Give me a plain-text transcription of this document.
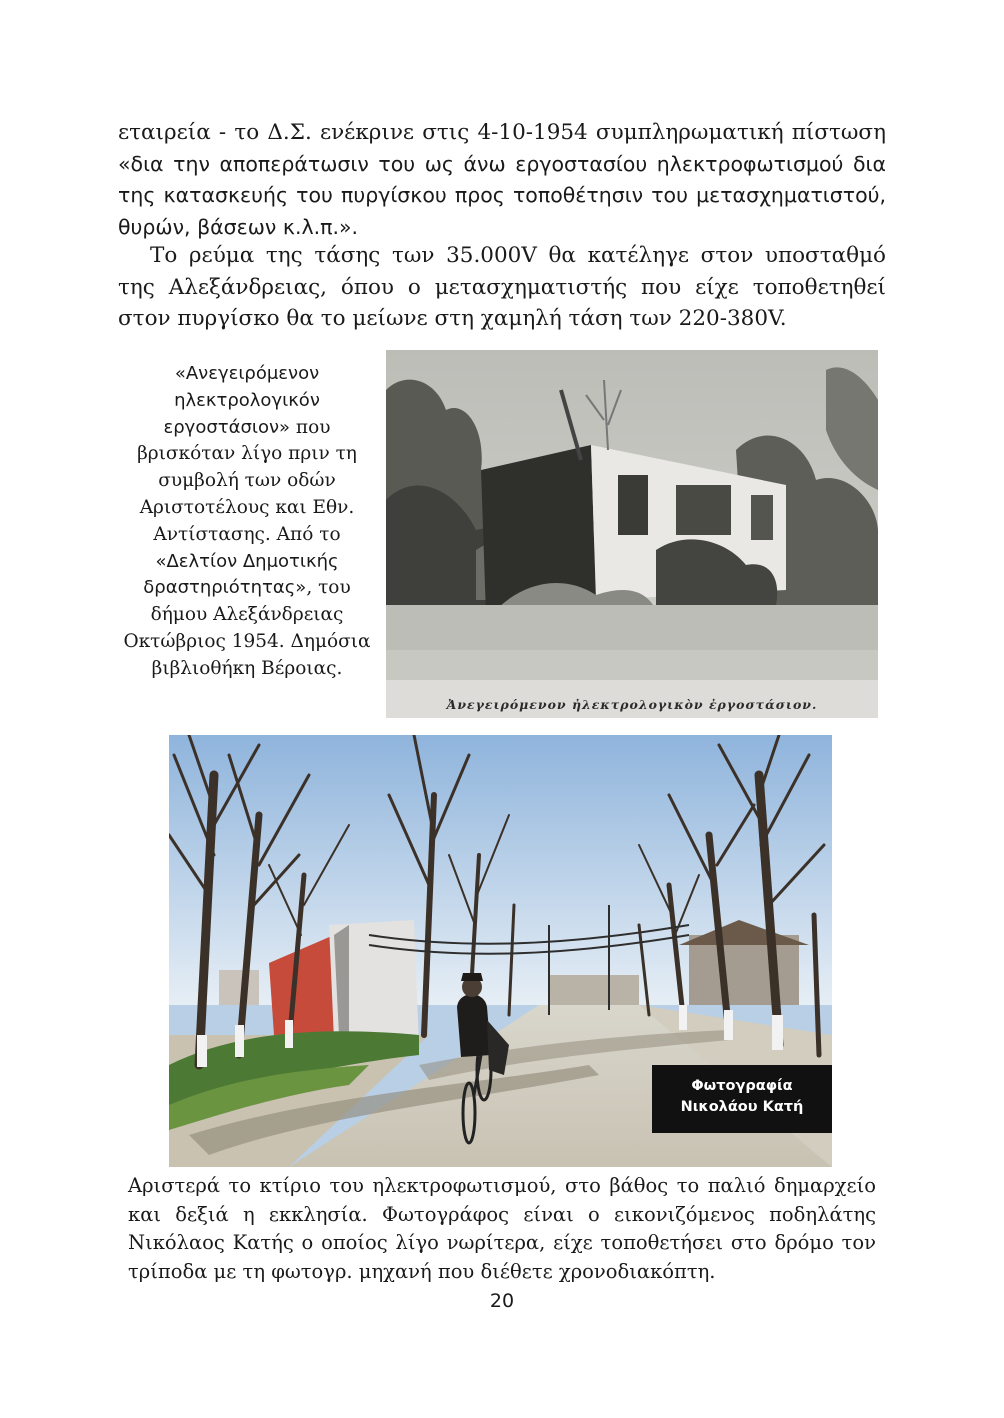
εταιρεία - το Δ.Σ. ενέκρινε στις 4-10-1954 συμπληρωματική πίστωση «δια την αποπεράτωσιν του ως άνω εργοστασίου ηλεκτροφωτισμού δια της κατασκευής του πυργίσκου προς τοποθέτησιν του μετασχηματιστού, θυρών, βάσεων κ.λ.π.».
Το ρεύμα της τάσης των 35.000V θα κατέληγε στον υποσταθμό της Αλεξάνδρειας, όπου ο μετασχηματιστής που είχε τοποθετηθεί στον πυργίσκο θα το μείωνε στη χαμηλή τάση των 220-380V.
«Ανεγειρόμενον ηλεκτρολογικόν εργοστάσιον» που βρισκόταν λίγο πριν τη συμβολή των οδών Αριστοτέλους και Εθν. Αντίστασης. Από το «Δελτίον Δημοτικής δραστηριότητας», του δήμου Αλεξάνδρειας Οκτώβριος 1954. Δημόσια βιβλιοθήκη Βέροιας.
Ἀνεγειρόμενον ἠλεκτρολογικὸν ἐργοστάσιον.
Φωτογραφία
Νικολάου Κατή
Αριστερά το κτίριο του ηλεκτροφωτισμού, στο βάθος το παλιό δημαρχείο και δεξιά η εκκλησία. Φωτογράφος είναι ο εικονιζόμενος ποδηλάτης Νικόλαος Κατής ο οποίος λίγο νωρίτερα, είχε τοποθετήσει στο δρόμο τον τρίποδα με τη φωτογρ. μηχανή που διέθετε χρονοδιακόπτη.
20
